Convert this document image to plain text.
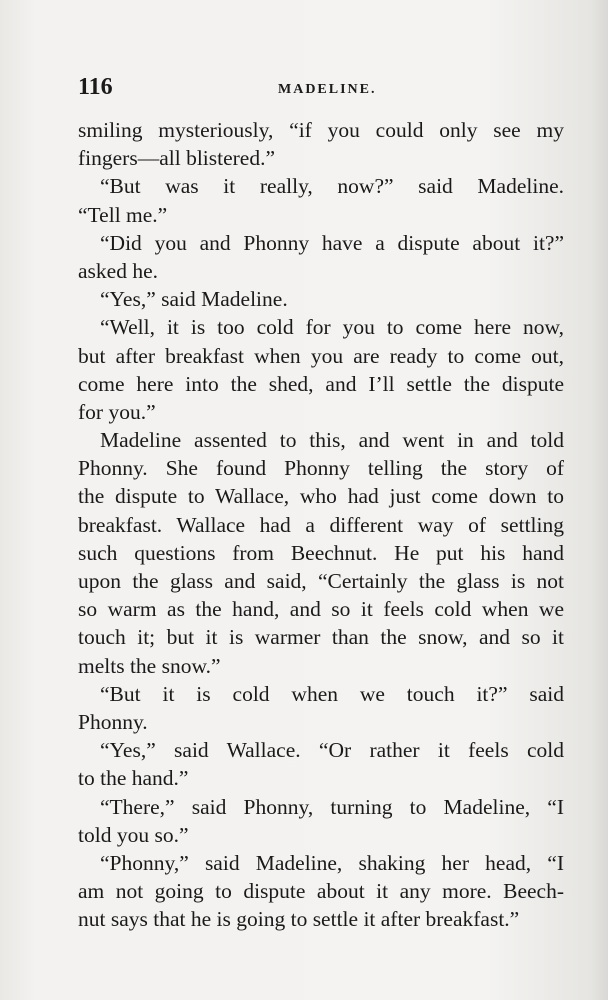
116	MADELINE.
smiling mysteriously, “if you could only see my
fingers—all blistered.”
“But was it really, now?” said Madeline.
“Tell me.”
“Did you and Phonny have a dispute about it?”
asked he.
“Yes,” said Madeline.
“Well, it is too cold for you to come here now,
but after breakfast when you are ready to come out,
come here into the shed, and I’ll settle the dispute
for you.”
Madeline assented to this, and went in and told
Phonny. She found Phonny telling the story of
the dispute to Wallace, who had just come down to
breakfast. Wallace had a different way of settling
such questions from Beechnut. He put his hand
upon the glass and said, “Certainly the glass is not
so warm as the hand, and so it feels cold when we
touch it; but it is warmer than the snow, and so it
melts the snow.”
“But it is cold when we touch it?” said
Phonny.
“Yes,” said Wallace. “Or rather it feels cold
to the hand.”
“There,” said Phonny, turning to Madeline, “I
told you so.”
“Phonny,” said Madeline, shaking her head, “I
am not going to dispute about it any more. Beech-
nut says that he is going to settle it after breakfast.”
